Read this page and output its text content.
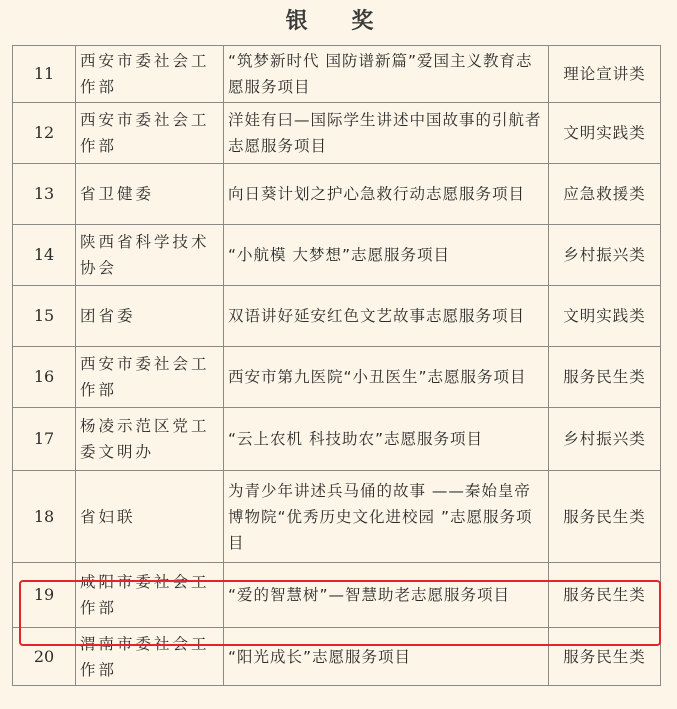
银 奖
11	西安市委社会工作部	“筑梦新时代 国防谱新篇”爱国主义教育志愿服务项目	理论宣讲类
12	西安市委社会工作部	洋娃有曰—国际学生讲述中国故事的引航者志愿服务项目	文明实践类
13	省卫健委	向日葵计划之护心急救行动志愿服务项目	应急救援类
14	陕西省科学技术协会	“小航模 大梦想”志愿服务项目	乡村振兴类
15	团省委	双语讲好延安红色文艺故事志愿服务项目	文明实践类
16	西安市委社会工作部	西安市第九医院“小丑医生”志愿服务项目	服务民生类
17	杨凌示范区党工委文明办	“云上农机 科技助农”志愿服务项目	乡村振兴类
18	省妇联	为青少年讲述兵马俑的故事 ——秦始皇帝博物院“优秀历史文化进校园 ”志愿服务项目	服务民生类
19	咸阳市委社会工作部	“爱的智慧树”—智慧助老志愿服务项目	服务民生类
20	渭南市委社会工作部	“阳光成长”志愿服务项目	服务民生类
